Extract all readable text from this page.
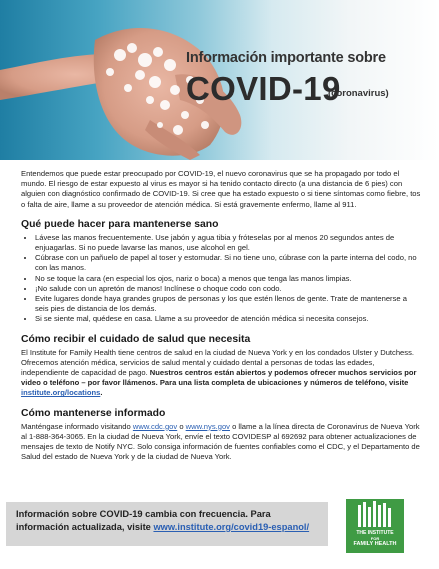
Información importante sobre
COVID-19
(coronavirus)

Entendemos que puede estar preocupado por COVID-19, el nuevo coronavirus que se ha propagado por todo el mundo. El riesgo de estar expuesto al virus es mayor si ha tenido contacto directo (a una distancia de 6 pies) con alguien con diagnóstico confirmado de COVID-19. Si cree que ha estado expuesto o si tiene síntomas como fiebre, tos o falta de aire, llame a su proveedor de atención médica. Si está gravemente enfermo, llame al 911.

Qué puede hacer para mantenerse sano
• Lávese las manos frecuentemente. Use jabón y agua tibia y fróteselas por al menos 20 segundos antes de enjuagarlas. Si no puede lavarse las manos, use alcohol en gel.
• Cúbrase con un pañuelo de papel al toser y estornudar. Si no tiene uno, cúbrase con la parte interna del codo, no con las manos.
• No se toque la cara (en especial los ojos, nariz o boca) a menos que tenga las manos limpias.
• ¡No salude con un apretón de manos! Inclínese o choque codo con codo.
• Evite lugares donde haya grandes grupos de personas y los que estén llenos de gente. Trate de mantenerse a seis pies de distancia de los demás.
• Si se siente mal, quédese en casa. Llame a su proveedor de atención médica si necesita consejos.
Cómo recibir el cuidado de salud que necesita

El Institute for Family Health tiene centros de salud en la ciudad de Nueva York y en los condados Ulster y Dutchess. Ofrecemos atención médica, servicios de salud mental y cuidado dental a personas de todas las edades, independiente de capacidad de pago. Nuestros centros están abiertos y podemos ofrecer muchos servicios por video o teléfono – por favor llámenos. Para una lista completa de ubicaciones y números de teléfono, visite institute.org/locations.

Cómo mantenerse informado

Manténgase informado visitando www.cdc.gov o www.nys.gov o llame a la línea directa de Coronavirus de Nueva York al 1-888-364-3065. En la ciudad de Nueva York, envíe el texto COVIDESP al 692692 para obtener actualizaciones de mensajes de texto de Notify NYC. Solo consiga información de fuentes confiables como el CDC, y el Departamento de Salud del estado de Nueva York y de la ciudad de Nueva York.

Información sobre COVID-19 cambia con frecuencia. Para información actualizada, visite www.institute.org/covid19-espanol/
THE INSTITUTE
FOR
FAMILY HEALTH
